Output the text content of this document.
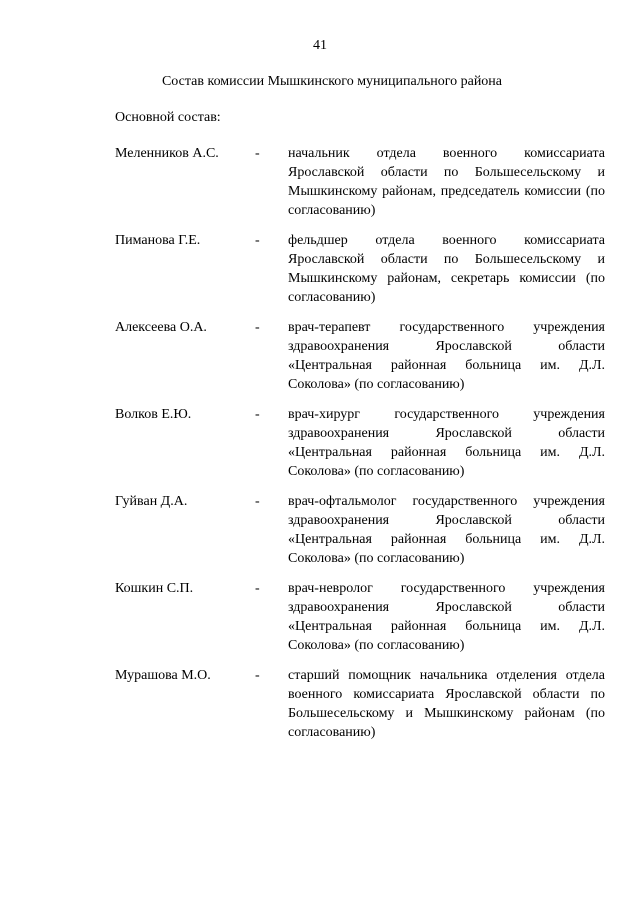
41
Состав комиссии Мышкинского муниципального района
Основной состав:
Меленников А.С.	-	начальник отдела военного комиссариата Ярославской области по Большесельскому и Мышкинскому районам, председатель комиссии (по согласованию)
Пиманова Г.Е.	-	фельдшер отдела военного комиссариата Ярославской области по Большесельскому и Мышкинскому районам, секретарь комиссии (по согласованию)
Алексеева О.А.	-	врач-терапевт государственного учреждения здравоохранения Ярославской области «Центральная районная больница им. Д.Л. Соколова» (по согласованию)
Волков Е.Ю.	-	врач-хирург государственного учреждения здравоохранения Ярославской области «Центральная районная больница им. Д.Л. Соколова» (по согласованию)
Гуйван Д.А.	-	врач-офтальмолог государственного учреждения здравоохранения Ярославской области «Центральная районная больница им. Д.Л. Соколова» (по согласованию)
Кошкин С.П.	-	врач-невролог государственного учреждения здравоохранения Ярославской области «Центральная районная больница им. Д.Л. Соколова» (по согласованию)
Мурашова М.О.	-	старший помощник начальника отделения отдела военного комиссариата Ярославской области по Большесельскому и Мышкинскому районам (по согласованию)
